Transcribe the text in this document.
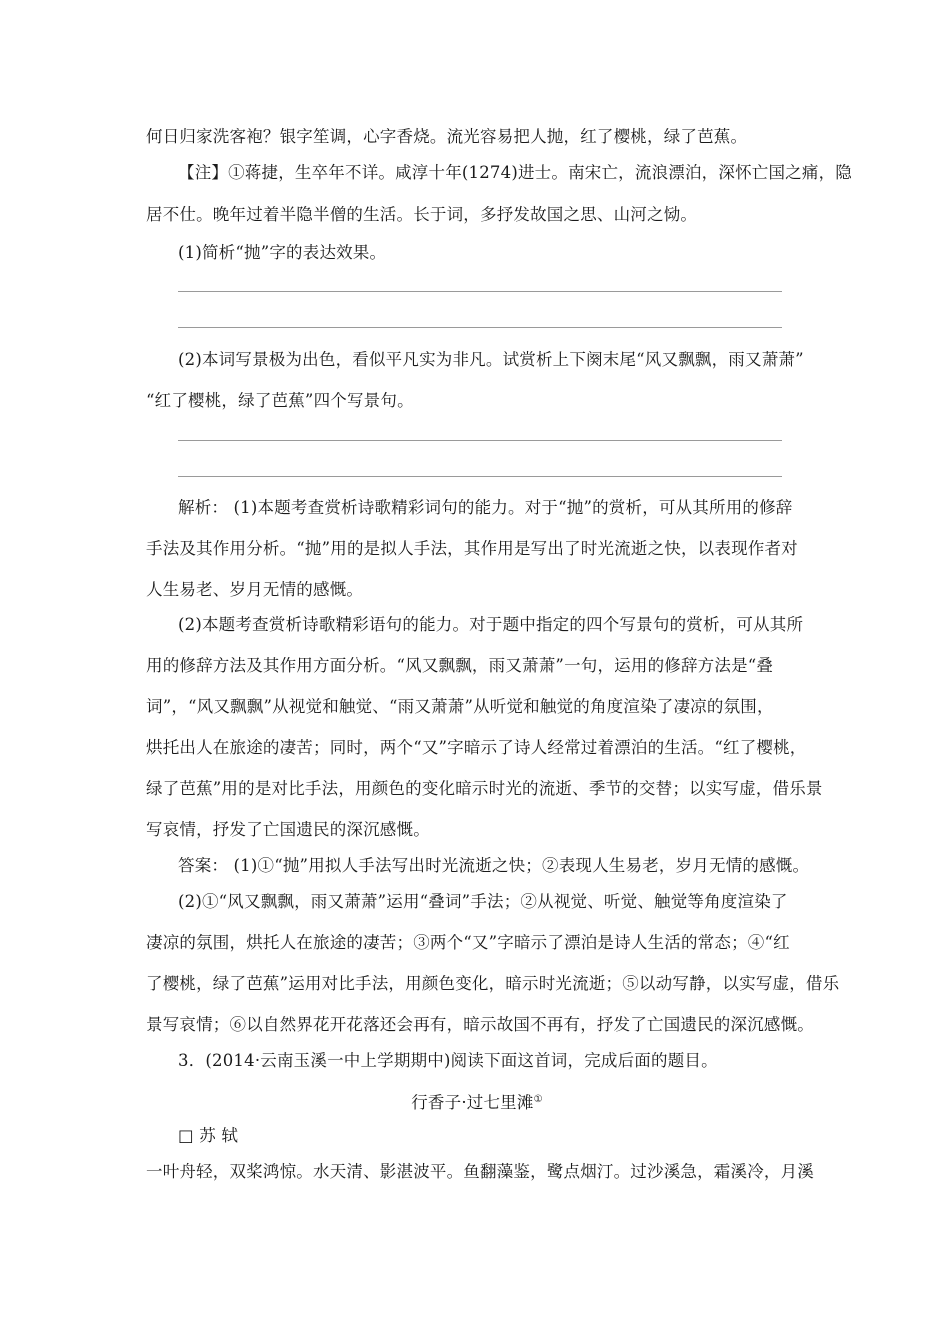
何日归家洗客袍？银字笙调，心字香烧。流光容易把人抛，红了樱桃，绿了芭蕉。
【注】①蒋捷，生卒年不详。咸淳十年(1274)进士。南宋亡，流浪漂泊，深怀亡国之痛，隐
居不仕。晚年过着半隐半僧的生活。长于词，多抒发故国之思、山河之恸。
(1)简析“抛”字的表达效果。
(2)本词写景极为出色，看似平凡实为非凡。试赏析上下阕末尾“风又飘飘，雨又萧萧”
“红了樱桃，绿了芭蕉”四个写景句。
解析： (1)本题考查赏析诗歌精彩词句的能力。对于“抛”的赏析，可从其所用的修辞
手法及其作用分析。“抛”用的是拟人手法，其作用是写出了时光流逝之快，以表现作者对
人生易老、岁月无情的感慨。
(2)本题考查赏析诗歌精彩语句的能力。对于题中指定的四个写景句的赏析，可从其所
用的修辞方法及其作用方面分析。“风又飘飘，雨又萧萧”一句，运用的修辞方法是“叠
词”，“风又飘飘”从视觉和触觉、“雨又萧萧”从听觉和触觉的角度渲染了凄凉的氛围，
烘托出人在旅途的凄苦；同时，两个“又”字暗示了诗人经常过着漂泊的生活。“红了樱桃，
绿了芭蕉”用的是对比手法，用颜色的变化暗示时光的流逝、季节的交替；以实写虚，借乐景
写哀情，抒发了亡国遗民的深沉感慨。
答案： (1)①“抛”用拟人手法写出时光流逝之快；②表现人生易老，岁月无情的感慨。
(2)①“风又飘飘，雨又萧萧”运用“叠词”手法；②从视觉、听觉、触觉等角度渲染了
凄凉的氛围，烘托人在旅途的凄苦；③两个“又”字暗示了漂泊是诗人生活的常态；④“红
了樱桃，绿了芭蕉”运用对比手法，用颜色变化，暗示时光流逝；⑤以动写静，以实写虚，借乐
景写哀情；⑥以自然界花开花落还会再有，暗示故国不再有，抒发了亡国遗民的深沉感慨。
3．(2014·云南玉溪一中上学期期中)阅读下面这首词，完成后面的题目。
行香子·过七里滩①
□ 苏 轼
一叶舟轻，双桨鸿惊。水天清、影湛波平。鱼翻藻鉴，鹭点烟汀。过沙溪急，霜溪冷，月溪
